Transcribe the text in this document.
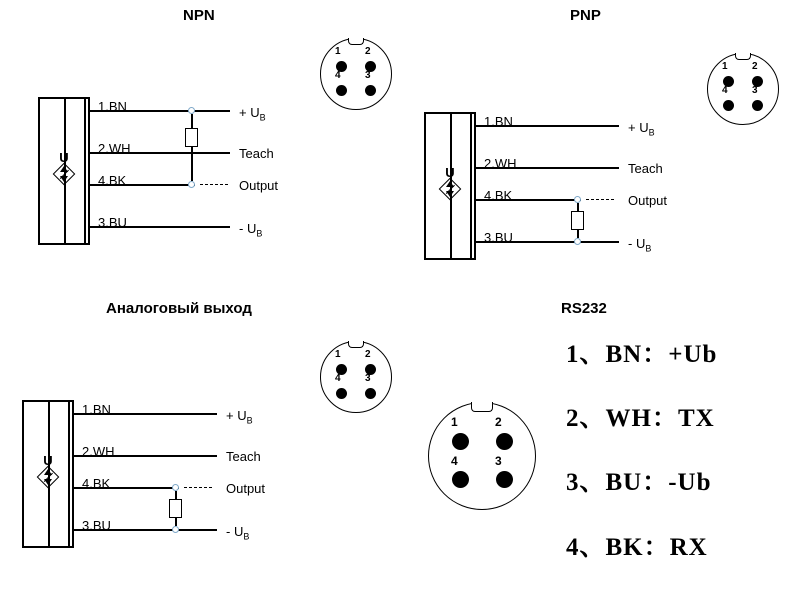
NPN	PNP
Аналоговый выход	RS232
U
1.BN
2.WH
4.BK
3.BU
+ $U_B$
Teach
Output
- $U_B$
1 2
4 3
U
1.BN
2.WH
4.BK
3.BU
+ $U_B$
Teach
Output
- $U_B$
1 2
4 3
U
1.BN
2.WH
4.BK
3.BU
+ $U_B$
Teach
Output
- $U_B$
1 2
4 3
1	2
4	3
1、BN：+Ub
2、WH：TX
3、BU：-Ub
4、BK：RX
